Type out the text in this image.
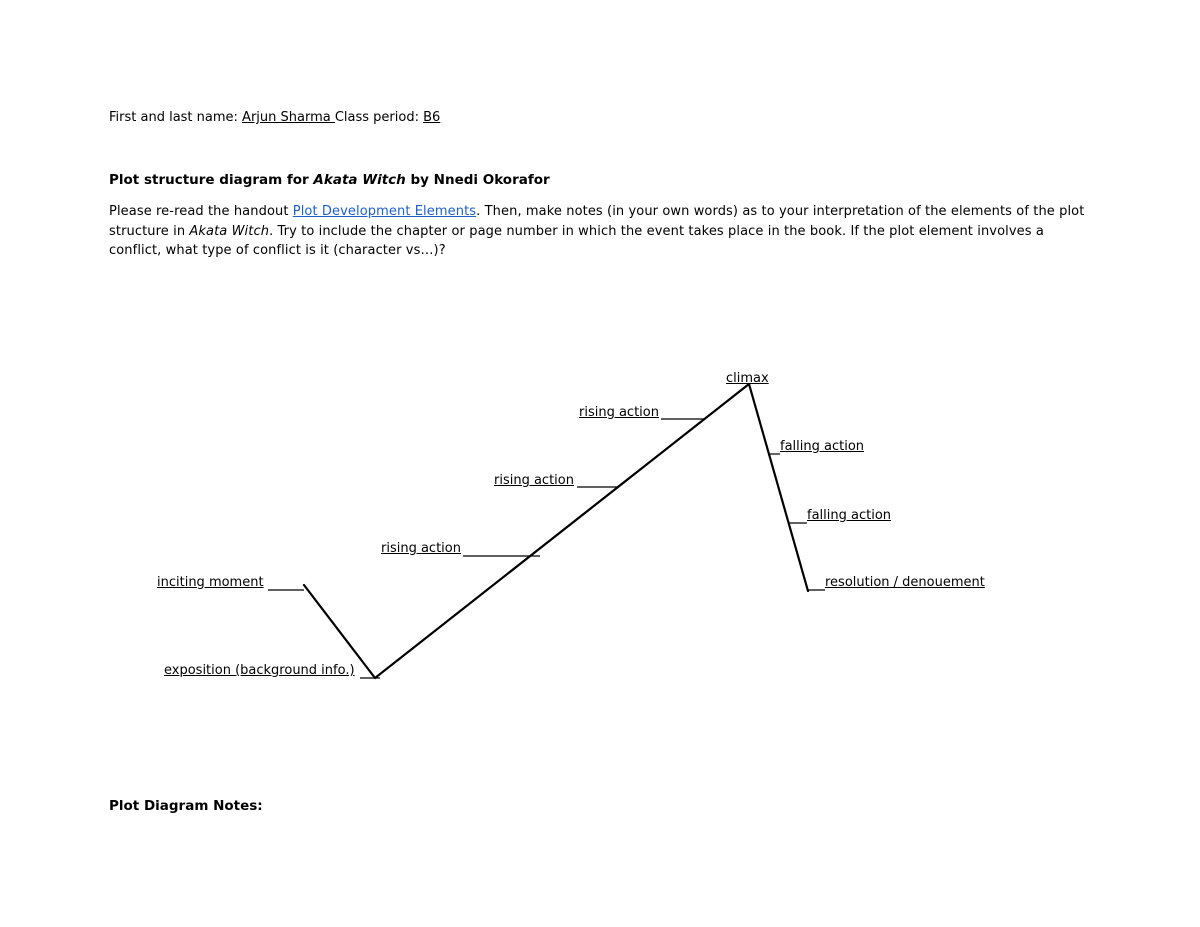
First and last name: Arjun Sharma Class period: B6
Plot structure diagram for Akata Witch by Nnedi Okorafor
Please re-read the handout Plot Development Elements. Then, make notes (in your own words) as to your interpretation of the elements of the plot structure in Akata Witch. Try to include the chapter or page number in which the event takes place in the book. If the plot element involves a conflict, what type of conflict is it (character vs…)?
climax
rising action
rising action
rising action
inciting moment
exposition (background info.)
falling action
falling action
resolution / denouement
Plot Diagram Notes:
